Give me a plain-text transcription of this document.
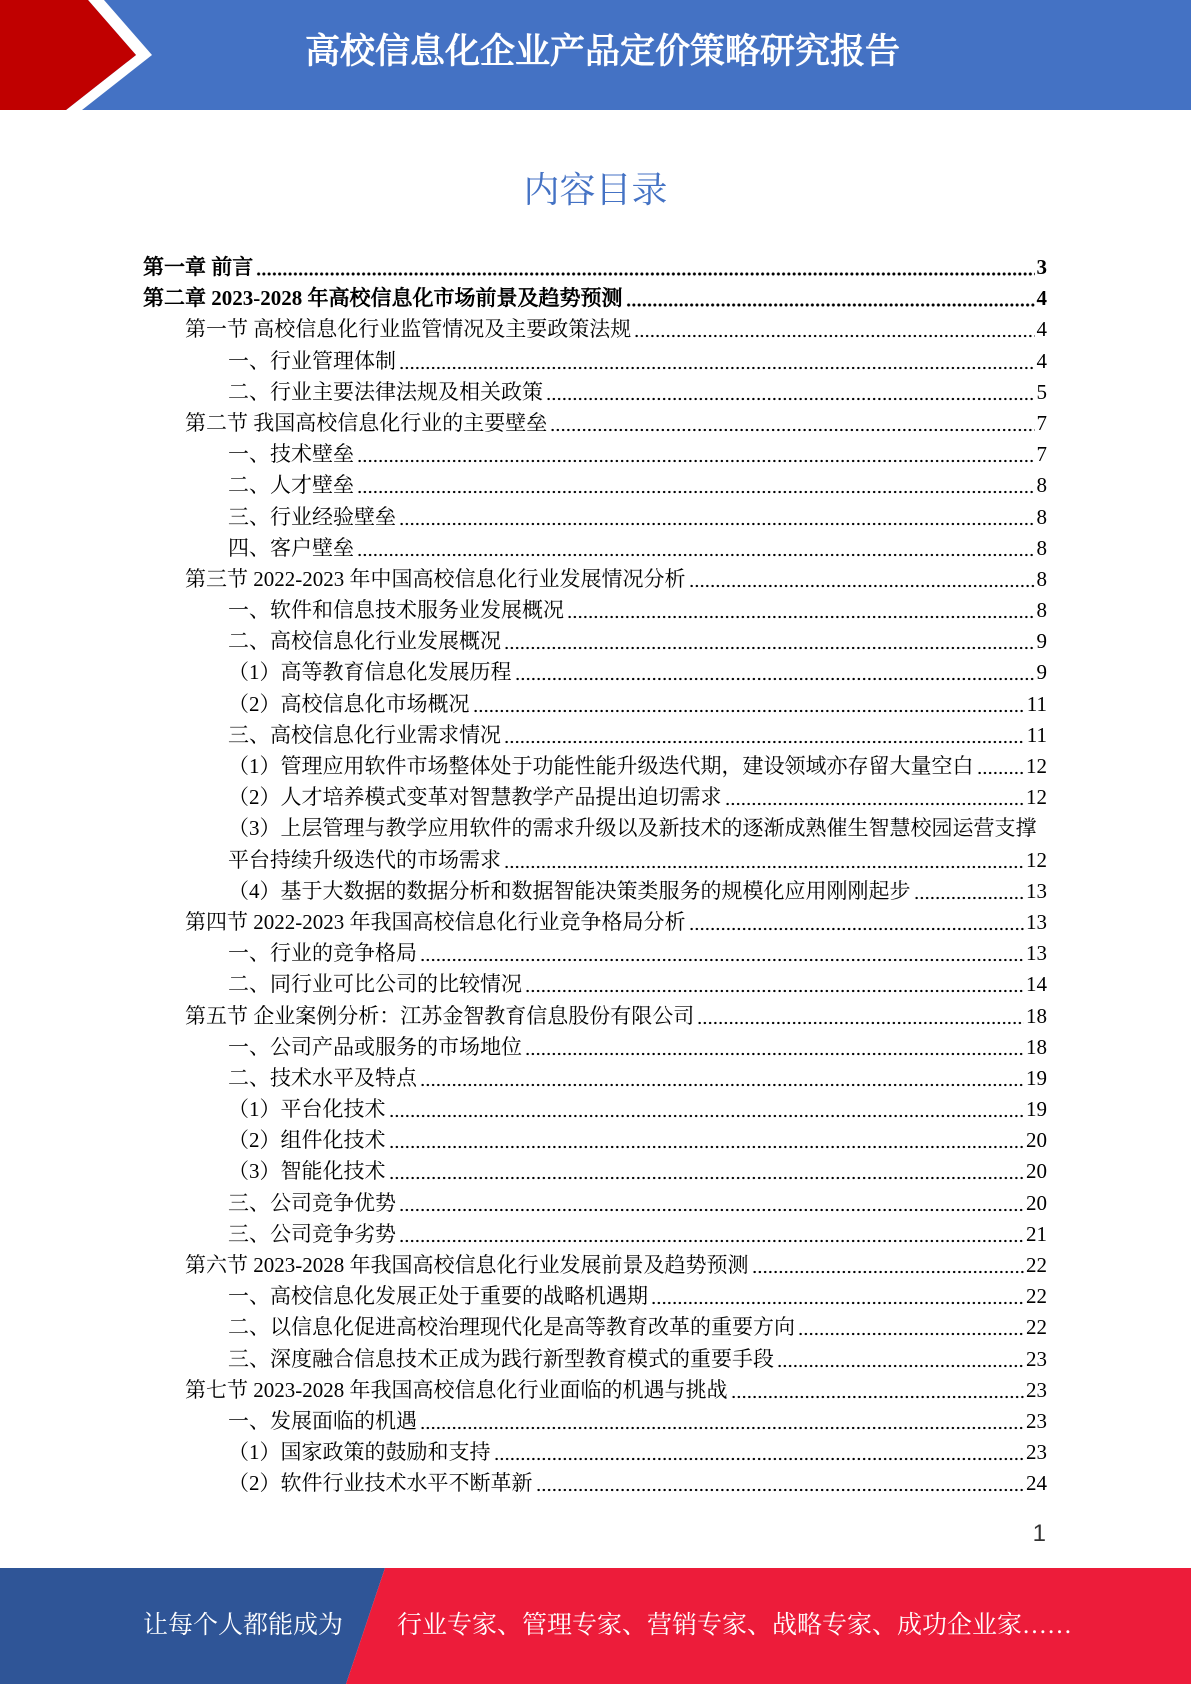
高校信息化企业产品定价策略研究报告
内容目录
第一章 前言	3
第二章 2023-2028 年高校信息化市场前景及趋势预测	4
第一节 高校信息化行业监管情况及主要政策法规	4
一、行业管理体制	4
二、行业主要法律法规及相关政策	5
第二节 我国高校信息化行业的主要壁垒	7
一、技术壁垒	7
二、人才壁垒	8
三、行业经验壁垒	8
四、客户壁垒	8
第三节 2022-2023 年中国高校信息化行业发展情况分析	8
一、软件和信息技术服务业发展概况	8
二、高校信息化行业发展概况	9
（1）高等教育信息化发展历程	9
（2）高校信息化市场概况	11
三、高校信息化行业需求情况	11
（1）管理应用软件市场整体处于功能性能升级迭代期，建设领域亦存留大量空白	12
（2）人才培养模式变革对智慧教学产品提出迫切需求	12
（3）上层管理与教学应用软件的需求升级以及新技术的逐渐成熟催生智慧校园运营支撑
平台持续升级迭代的市场需求	12
（4）基于大数据的数据分析和数据智能决策类服务的规模化应用刚刚起步	13
第四节 2022-2023 年我国高校信息化行业竞争格局分析	13
一、行业的竞争格局	13
二、同行业可比公司的比较情况	14
第五节 企业案例分析：江苏金智教育信息股份有限公司	18
一、公司产品或服务的市场地位	18
二、技术水平及特点	19
（1）平台化技术	19
（2）组件化技术	20
（3）智能化技术	20
三、公司竞争优势	20
三、公司竞争劣势	21
第六节 2023-2028 年我国高校信息化行业发展前景及趋势预测	22
一、高校信息化发展正处于重要的战略机遇期	22
二、以信息化促进高校治理现代化是高等教育改革的重要方向	22
三、深度融合信息技术正成为践行新型教育模式的重要手段	23
第七节 2023-2028 年我国高校信息化行业面临的机遇与挑战	23
一、发展面临的机遇	23
（1）国家政策的鼓励和支持	23
（2）软件行业技术水平不断革新	24
1
让每个人都能成为 行业专家、管理专家、营销专家、战略专家、成功企业家……
